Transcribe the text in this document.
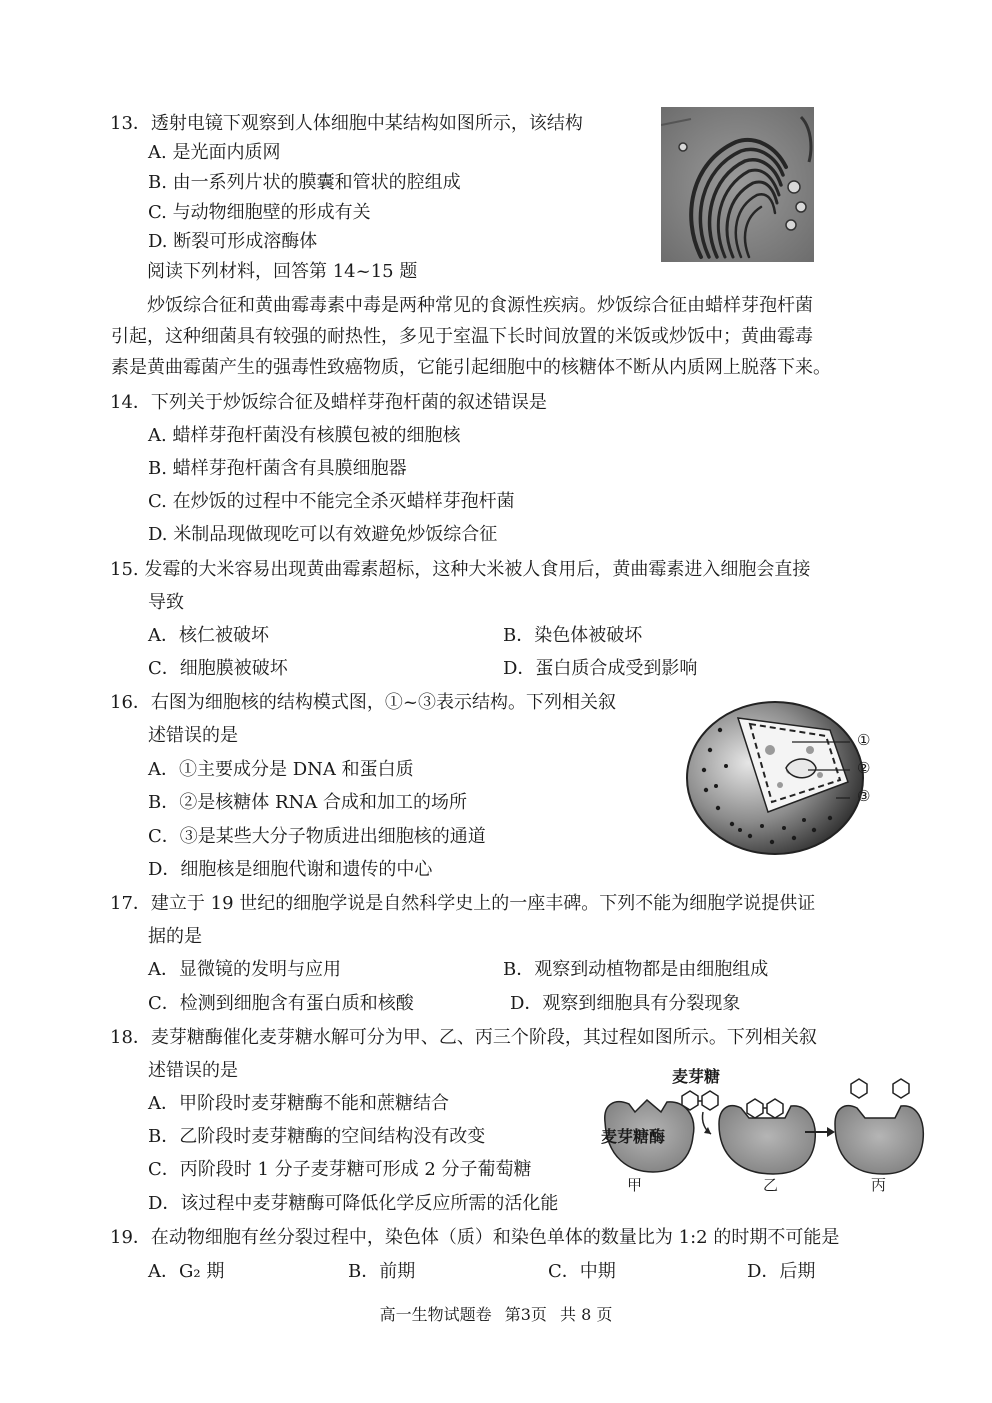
13．透射电镜下观察到人体细胞中某结构如图所示，该结构
A. 是光面内质网
B. 由一系列片状的膜囊和管状的腔组成
C. 与动物细胞壁的形成有关
D. 断裂可形成溶酶体
阅读下列材料，回答第 14~15 题
炒饭综合征和黄曲霉毒素中毒是两种常见的食源性疾病。炒饭综合征由蜡样芽孢杆菌
引起，这种细菌具有较强的耐热性，多见于室温下长时间放置的米饭或炒饭中；黄曲霉毒
素是黄曲霉菌产生的强毒性致癌物质，它能引起细胞中的核糖体不断从内质网上脱落下来。
14．下列关于炒饭综合征及蜡样芽孢杆菌的叙述错误是
A. 蜡样芽孢杆菌没有核膜包被的细胞核
B. 蜡样芽孢杆菌含有具膜细胞器
C. 在炒饭的过程中不能完全杀灭蜡样芽孢杆菌
D. 米制品现做现吃可以有效避免炒饭综合征
15. 发霉的大米容易出现黄曲霉素超标，这种大米被人食用后，黄曲霉素进入细胞会直接
导致
A．核仁被破坏	B．染色体被破坏
C．细胞膜被破坏	D．蛋白质合成受到影响
16．右图为细胞核的结构模式图，①~③表示结构。下列相关叙
述错误的是
A．①主要成分是 DNA 和蛋白质
B．②是核糖体 RNA 合成和加工的场所
C．③是某些大分子物质进出细胞核的通道
D．细胞核是细胞代谢和遗传的中心
①
②
③
17．建立于 19 世纪的细胞学说是自然科学史上的一座丰碑。下列不能为细胞学说提供证
据的是
A．显微镜的发明与应用	B．观察到动植物都是由细胞组成
C．检测到细胞含有蛋白质和核酸	D．观察到细胞具有分裂现象
18．麦芽糖酶催化麦芽糖水解可分为甲、乙、丙三个阶段，其过程如图所示。下列相关叙
述错误的是
A．甲阶段时麦芽糖酶不能和蔗糖结合
B．乙阶段时麦芽糖酶的空间结构没有改变
C．丙阶段时 1 分子麦芽糖可形成 2 分子葡萄糖
D．该过程中麦芽糖酶可降低化学反应所需的活化能
麦芽糖
麦芽糖酶
甲	乙	丙
19．在动物细胞有丝分裂过程中，染色体（质）和染色单体的数量比为 1:2 的时期不可能是
A．G₂ 期	B．前期	C．中期	D．后期
高一生物试题卷 第3页 共 8 页
